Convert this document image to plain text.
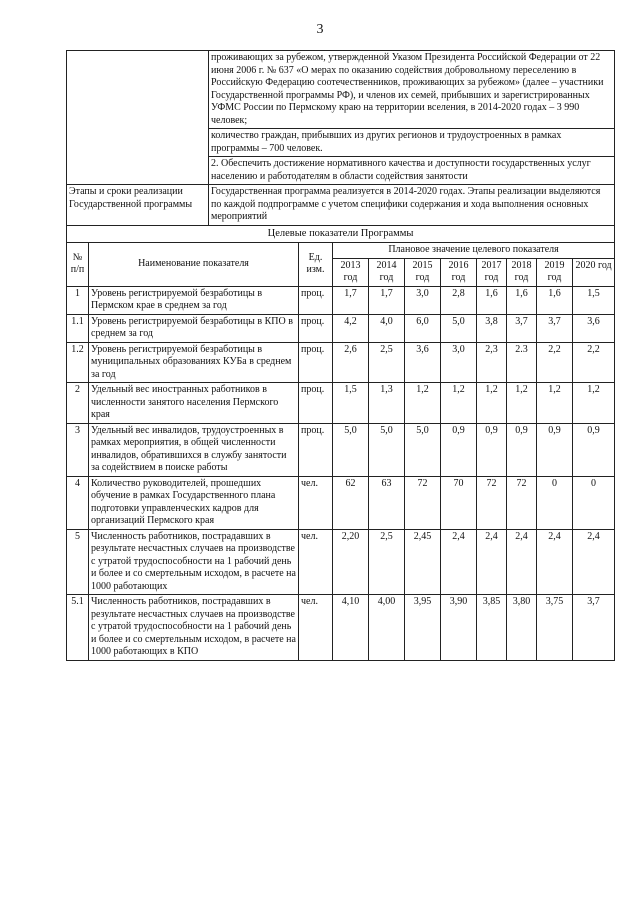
3

	проживающих за рубежом, утвержденной Указом Президента Российской Федерации от 22 июня 2006 г. № 637 «О мерах по оказанию содействия добровольному переселению в Российскую Федерацию соотечественников, проживающих за рубежом» (далее – участники Государственной программы РФ), и членов их семей, прибывших и зарегистрированных УФМС России по Пермскому краю на территории вселения, в 2014-2020 годах – 3 990 человек;
количество граждан, прибывших из других регионов и трудоустроенных в рамках программы – 700 человек.
2. Обеспечить достижение нормативного качества и доступности государственных услуг населению и работодателям в области содействия занятости

Этапы и сроки реализации Государственной программы	Государственная программа реализуется в 2014-2020 годах. Этапы реализации выделяются по каждой подпрограмме с учетом специфики содержания и хода выполнения основных мероприятий
Целевые показатели Программы										
№ п/п	Наименование показателя	Ед. изм.	Плановое значение целевого показателя							
			2013 год	2014 год	2015 год	2016 год	2017 год	2018 год	2019 год	2020 год
1	Уровень регистрируемой безработицы в Пермском крае в среднем за год	проц.	1,7	1,7	3,0	2,8	1,6	1,6	1,6	1,5
1.1	Уровень регистрируемой безработицы в КПО в среднем за год	проц.	4,2	4,0	6,0	5,0	3,8	3,7	3,7	3,6
1.2	Уровень регистрируемой безработицы в муниципальных образованиях КУБа в среднем за год	проц.	2,6	2,5	3,6	3,0	2,3	2.3	2,2	2,2
2	Удельный вес иностранных работников в численности занятого населения Пермского края	проц.	1,5	1,3	1,2	1,2	1,2	1,2	1,2	1,2
3	Удельный вес инвалидов, трудоустроенных в рамках мероприятия, в общей численности инвалидов, обратившихся в службу занятости за содействием в поиске работы	проц.	5,0	5,0	5,0	0,9	0,9	0,9	0,9	0,9
4	Количество руководителей, прошедших обучение в рамках Государственного плана подготовки управленческих кадров для организаций Пермского края	чел.	62	63	72	70	72	72	0	0
5	Численность работников, пострадавших в результате несчастных случаев на производстве с утратой трудоспособности на 1 рабочий день и более и со смертельным исходом, в расчете на 1000 работающих	чел.	2,20	2,5	2,45	2,4	2,4	2,4	2,4	2,4
5.1	Численность работников, пострадавших в результате несчастных случаев на производстве с утратой трудоспособности на 1 рабочий день и более и со смертельным исходом, в расчете на 1000 работающих в КПО	чел.	4,10	4,00	3,95	3,90	3,85	3,80	3,75	3,7
